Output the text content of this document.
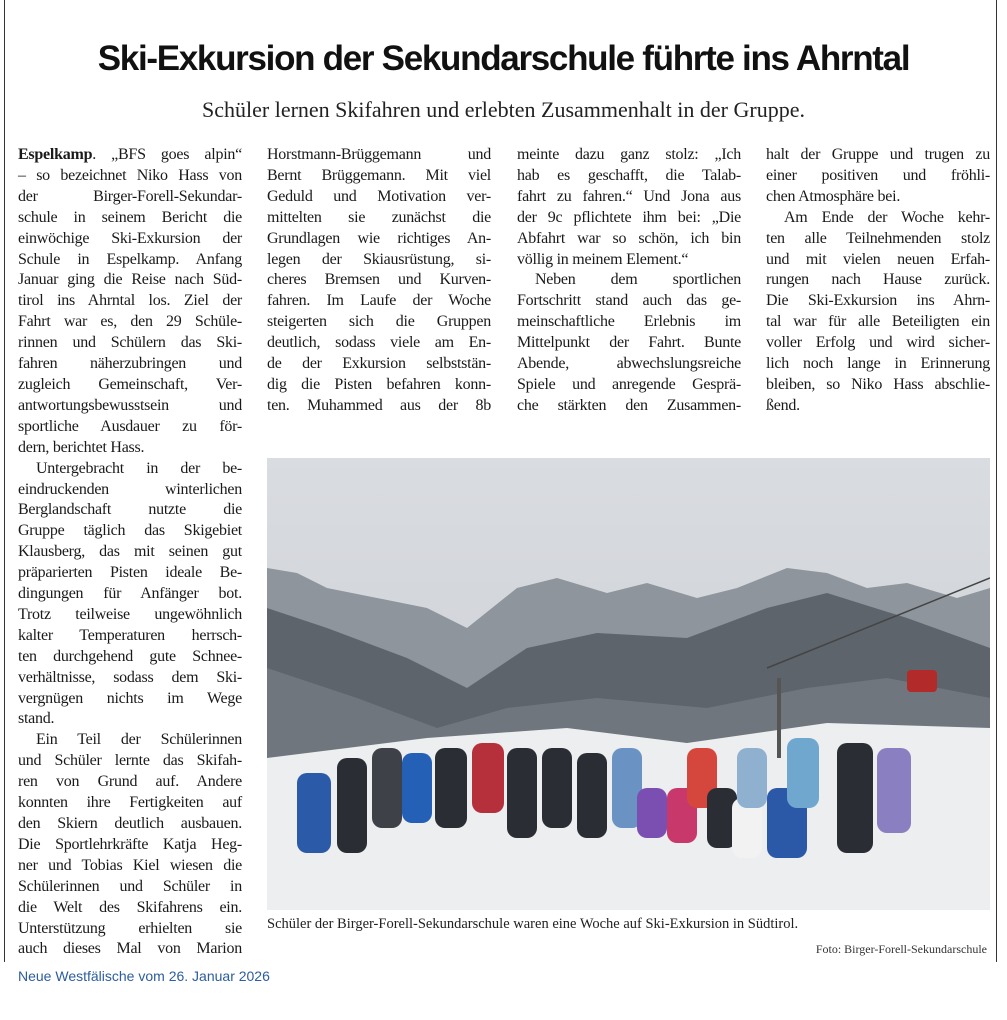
Ski-Exkursion der Sekundarschule führte ins Ahrntal
Schüler lernen Skifahren und erlebten Zusammenhalt in der Gruppe.
Espelkamp. „BFS goes alpin“
– so bezeichnet Niko Hass von
der Birger-Forell-Sekundar-
schule in seinem Bericht die
einwöchige Ski-Exkursion der
Schule in Espelkamp. Anfang
Januar ging die Reise nach Süd-
tirol ins Ahrntal los. Ziel der
Fahrt war es, den 29 Schüle-
rinnen und Schülern das Ski-
fahren näherzubringen und
zugleich Gemeinschaft, Ver-
antwortungsbewusstsein und
sportliche Ausdauer zu för-
dern, berichtet Hass.
Untergebracht in der be-
eindruckenden winterlichen
Berglandschaft nutzte die
Gruppe täglich das Skigebiet
Klausberg, das mit seinen gut
präparierten Pisten ideale Be-
dingungen für Anfänger bot.
Trotz teilweise ungewöhnlich
kalter Temperaturen herrsch-
ten durchgehend gute Schnee-
verhältnisse, sodass dem Ski-
vergnügen nichts im Wege
stand.
Ein Teil der Schülerinnen
und Schüler lernte das Skifah-
ren von Grund auf. Andere
konnten ihre Fertigkeiten auf
den Skiern deutlich ausbauen.
Die Sportlehrkräfte Katja Heg-
ner und Tobias Kiel wiesen die
Schülerinnen und Schüler in
die Welt des Skifahrens ein.
Unterstützung erhielten sie
auch dieses Mal von Marion
Horstmann-Brüggemann und
Bernt Brüggemann. Mit viel
Geduld und Motivation ver-
mittelten sie zunächst die
Grundlagen wie richtiges An-
legen der Skiausrüstung, si-
cheres Bremsen und Kurven-
fahren. Im Laufe der Woche
steigerten sich die Gruppen
deutlich, sodass viele am En-
de der Exkursion selbststän-
dig die Pisten befahren konn-
ten. Muhammed aus der 8b
meinte dazu ganz stolz: „Ich
hab es geschafft, die Talab-
fahrt zu fahren.“ Und Jona aus
der 9c pflichtete ihm bei: „Die
Abfahrt war so schön, ich bin
völlig in meinem Element.“
Neben dem sportlichen
Fortschritt stand auch das ge-
meinschaftliche Erlebnis im
Mittelpunkt der Fahrt. Bunte
Abende, abwechslungsreiche
Spiele und anregende Gesprä-
che stärkten den Zusammen-
halt der Gruppe und trugen zu
einer positiven und fröhli-
chen Atmosphäre bei.
Am Ende der Woche kehr-
ten alle Teilnehmenden stolz
und mit vielen neuen Erfah-
rungen nach Hause zurück.
Die Ski-Exkursion ins Ahrn-
tal war für alle Beteiligten ein
voller Erfolg und wird sicher-
lich noch lange in Erinnerung
bleiben, so Niko Hass abschlie-
ßend.
Schüler der Birger-Forell-Sekundarschule waren eine Woche auf Ski-Exkursion in Südtirol.
Foto: Birger-Forell-Sekundarschule
Neue Westfälische vom 26. Januar 2026
